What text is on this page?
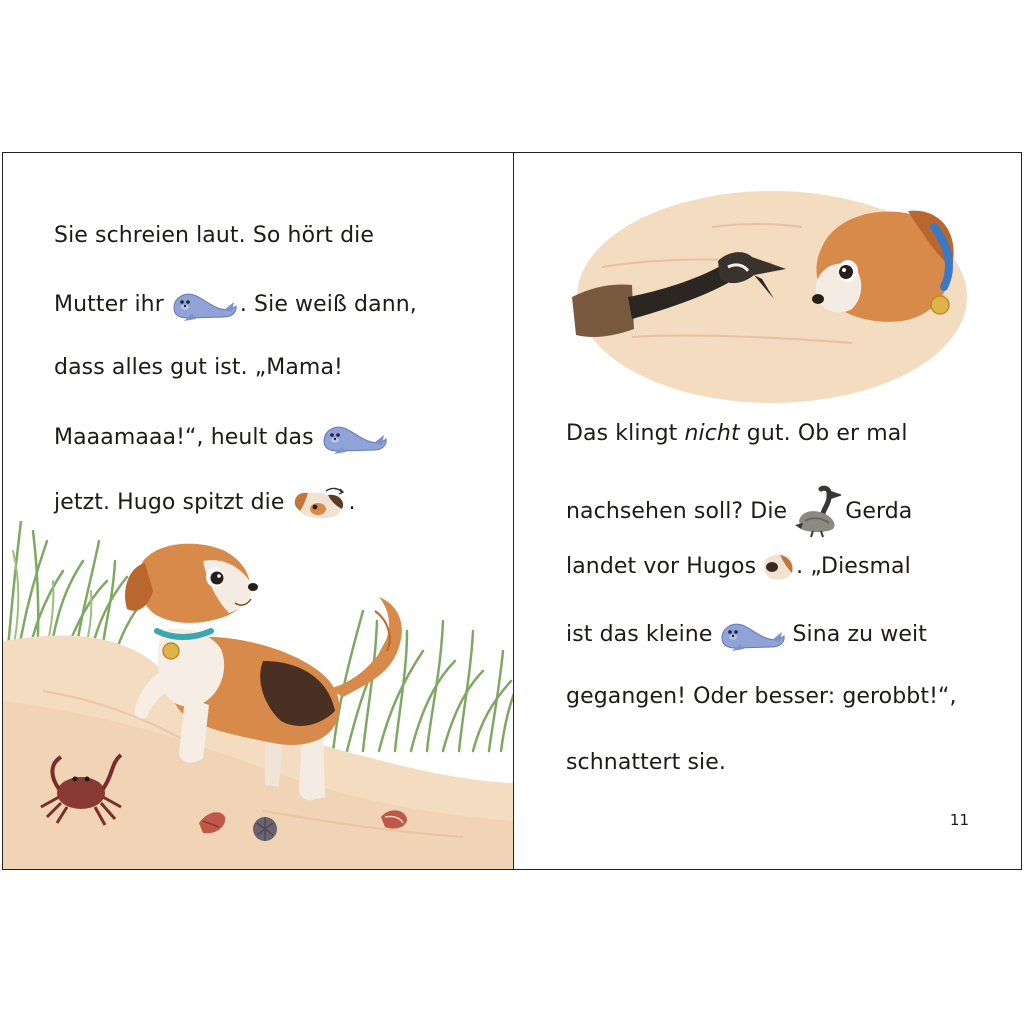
Sie schreien laut. So hört die
Mutter ihr	. Sie weiß dann,
dass alles gut ist. „Mama!
Maaamaaa!“, heult das
jetzt. Hugo spitzt die	.
Das klingt nicht gut. Ob er mal
nachsehen soll? Die	Gerda
landet vor Hugos . „Diesmal
ist das kleine	Sina zu weit
gegangen! Oder besser: gerobbt!“,
schnattert sie.
11
